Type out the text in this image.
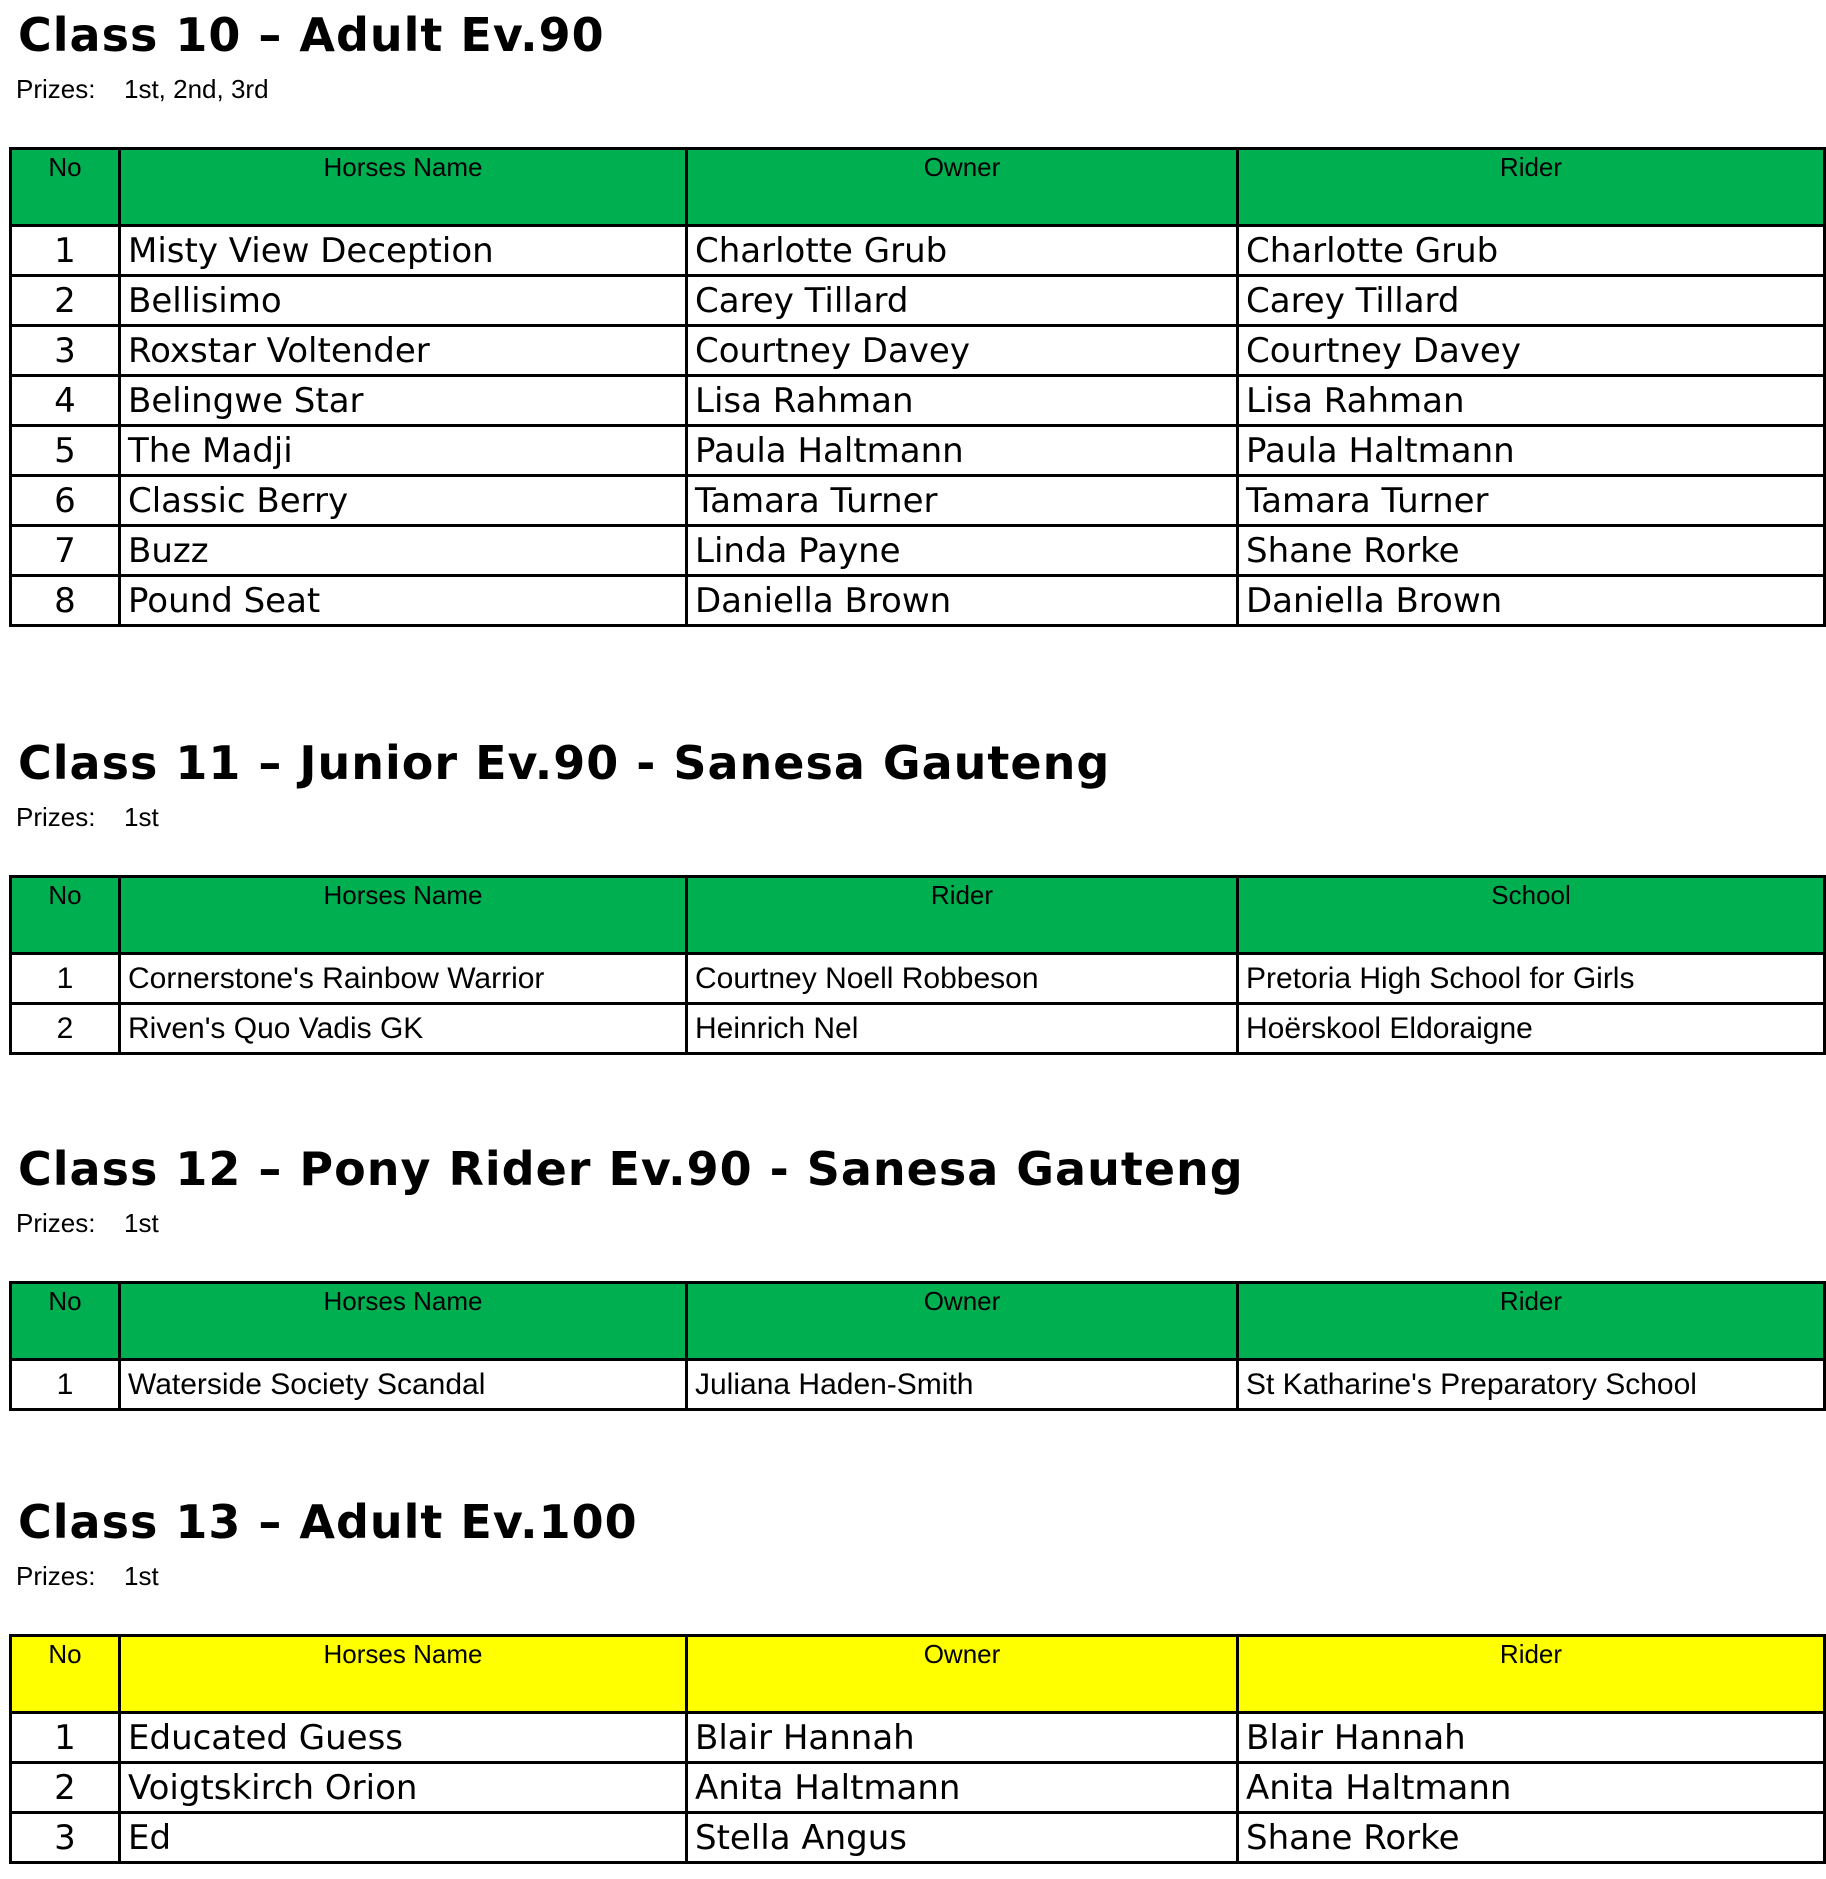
Class 10 – Adult Ev.90
Prizes: 1st, 2nd, 3rd
No	Horses Name	Owner	Rider
1	Misty View Deception	Charlotte Grub	Charlotte Grub
2	Bellisimo	Carey Tillard	Carey Tillard
3	Roxstar Voltender	Courtney Davey	Courtney Davey
4	Belingwe Star	Lisa Rahman	Lisa Rahman
5	The Madji	Paula Haltmann	Paula Haltmann
6	Classic Berry	Tamara Turner	Tamara Turner
7	Buzz	Linda Payne	Shane Rorke
8	Pound Seat	Daniella Brown	Daniella Brown
Class 11 – Junior Ev.90 - Sanesa Gauteng
Prizes: 1st
No	Horses Name	Rider	School
1	Cornerstone's Rainbow Warrior	Courtney Noell Robbeson	Pretoria High School for Girls
2	Riven's Quo Vadis GK	Heinrich Nel	Hoërskool Eldoraigne
Class 12 – Pony Rider Ev.90 - Sanesa Gauteng
Prizes: 1st
No	Horses Name	Owner	Rider
1	Waterside Society Scandal	Juliana Haden-Smith	St Katharine's Preparatory School
Class 13 – Adult Ev.100
Prizes: 1st
No	Horses Name	Owner	Rider
1	Educated Guess	Blair Hannah	Blair Hannah
2	Voigtskirch Orion	Anita Haltmann	Anita Haltmann
3	Ed	Stella Angus	Shane Rorke
